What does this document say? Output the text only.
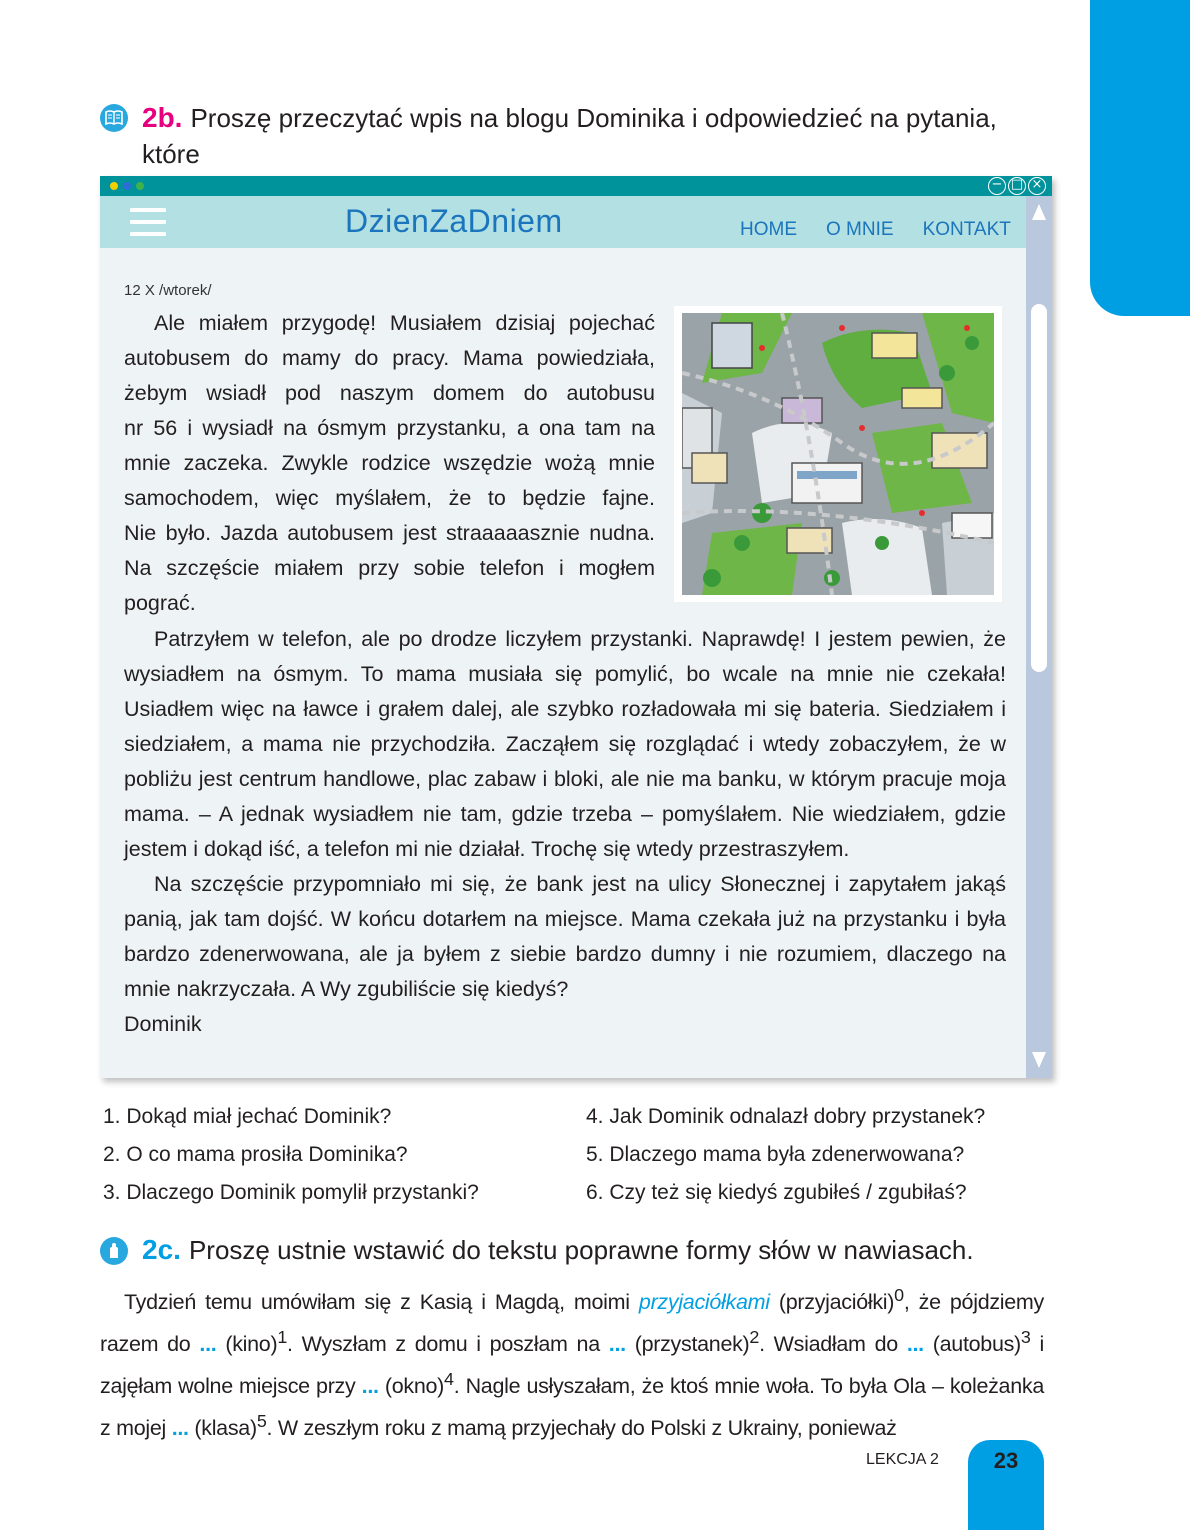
2b. Proszę przeczytać wpis na blogu Dominika i odpowiedzieć na pytania, które

− □ ×
DzienZaDniem	HOME O MNIE KONTAKT
12 X /wtorek/

Ale miałem przygodę! Musiałem dzisiaj pojechać

autobusem do mamy do pracy. Mama powiedziała,
żebym wsiadł pod naszym domem do autobusu
nr 56 i wysiadł na ósmym przystanku, a ona tam na
mnie zaczeka. Zwykle rodzice wszędzie wożą mnie
samochodem, więc myślałem, że to będzie fajne.
Nie było. Jazda autobusem jest straaaaasznie nudna.
Na szczęście miałem przy sobie telefon i mogłem
pograć.

Patrzyłem w telefon, ale po drodze liczyłem przystanki. Naprawdę! I jestem pewien, że wysiadłem na ósmym. To mama musiała się pomylić, bo wcale na mnie nie czekała! Usiadłem więc na ławce i grałem dalej, ale szybko rozładowała mi się bateria. Siedziałem i siedziałem, a mama nie przychodziła. Zacząłem się rozglądać i wtedy zobaczyłem, że w pobliżu jest centrum handlowe, plac zabaw i bloki, ale nie ma banku, w którym pracuje moja mama. – A jednak wysiadłem nie tam, gdzie trzeba – pomyślałem. Nie wiedziałem, gdzie jestem i dokąd iść, a telefon mi nie działał. Trochę się wtedy przestraszyłem.

Na szczęście przypomniało mi się, że bank jest na ulicy Słonecznej i zapytałem jakąś panią, jak tam dojść. W końcu dotarłem na miejsce. Mama czekała już na przystanku i była bardzo zdenerwowana, ale ja byłem z siebie bardzo dumny i nie rozumiem, dlaczego na mnie nakrzyczała. A Wy zgubiliście się kiedyś?

Dominik
1. Dokąd miał jechać Dominik?
2. O co mama prosiła Dominika?
3. Dlaczego Dominik pomylił przystanki?
4. Jak Dominik odnalazł dobry przystanek?
5. Dlaczego mama była zdenerwowana?
6. Czy też się kiedyś zgubiłeś / zgubiłaś?
2c. Proszę ustnie wstawić do tekstu poprawne formy słów w nawiasach.
Tydzień temu umówiłam się z Kasią i Magdą, moimi przyjaciółkami (przyjaciółki)$^0$, że pójdziemy razem do ... (kino)$^1$. Wyszłam z domu i poszłam na ... (przystanek)$^2$. Wsiadłam do ... (autobus)$^3$ i zajęłam wolne miejsce przy ... (okno)$^4$. Nagle usłyszałam, że ktoś mnie woła. To była Ola – koleżanka z mojej ... (klasa)$^5$. W zeszłym roku z mamą przyjechały do Polski z Ukrainy, ponieważ
LEKCJA 2	23
